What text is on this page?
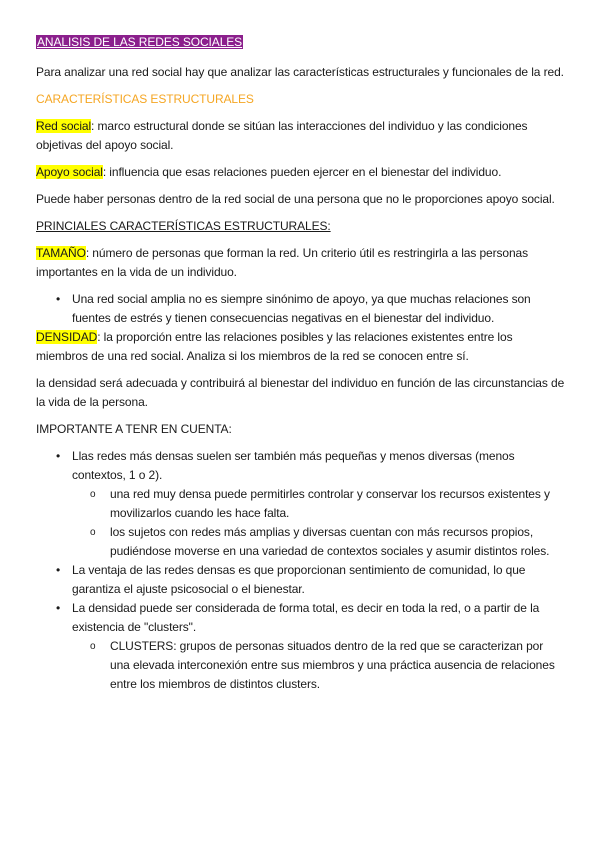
ANALISIS DE LAS REDES SOCIALES

Para analizar una red social hay que analizar las características estructurales y funcionales de la red.

CARACTERÍSTICAS ESTRUCTURALES

Red social: marco estructural donde se sitúan las interacciones del individuo y las condiciones objetivas del apoyo social.

Apoyo social: influencia que esas relaciones pueden ejercer en el bienestar del individuo.

Puede haber personas dentro de la red social de una persona que no le proporciones apoyo social.

PRINCIALES CARACTERÍSTICAS ESTRUCTURALES:

TAMAÑO: número de personas que forman la red. Un criterio útil es restringirla a las personas importantes en la vida de un individuo.

• Una red social amplia no es siempre sinónimo de apoyo, ya que muchas relaciones son fuentes de estrés y tienen consecuencias negativas en el bienestar del individuo.

DENSIDAD: la proporción entre las relaciones posibles y las relaciones existentes entre los miembros de una red social. Analiza si los miembros de la red se conocen entre sí.

la densidad será adecuada y contribuirá al bienestar del individuo en función de las circunstancias de la vida de la persona.

IMPORTANTE A TENR EN CUENTA:

• Llas redes más densas suelen ser también más pequeñas y menos diversas (menos contextos, 1 o 2).
o una red muy densa puede permitirles controlar y conservar los recursos existentes y movilizarlos cuando les hace falta.
o los sujetos con redes más amplias y diversas cuentan con más recursos propios, pudiéndose moverse en una variedad de contextos sociales y asumir distintos roles.
• La ventaja de las redes densas es que proporcionan sentimiento de comunidad, lo que garantiza el ajuste psicosocial o el bienestar.
• La densidad puede ser considerada de forma total, es decir en toda la red, o a partir de la existencia de "clusters".
o CLUSTERS: grupos de personas situados dentro de la red que se caracterizan por una elevada interconexión entre sus miembros y una práctica ausencia de relaciones entre los miembros de distintos clusters.
